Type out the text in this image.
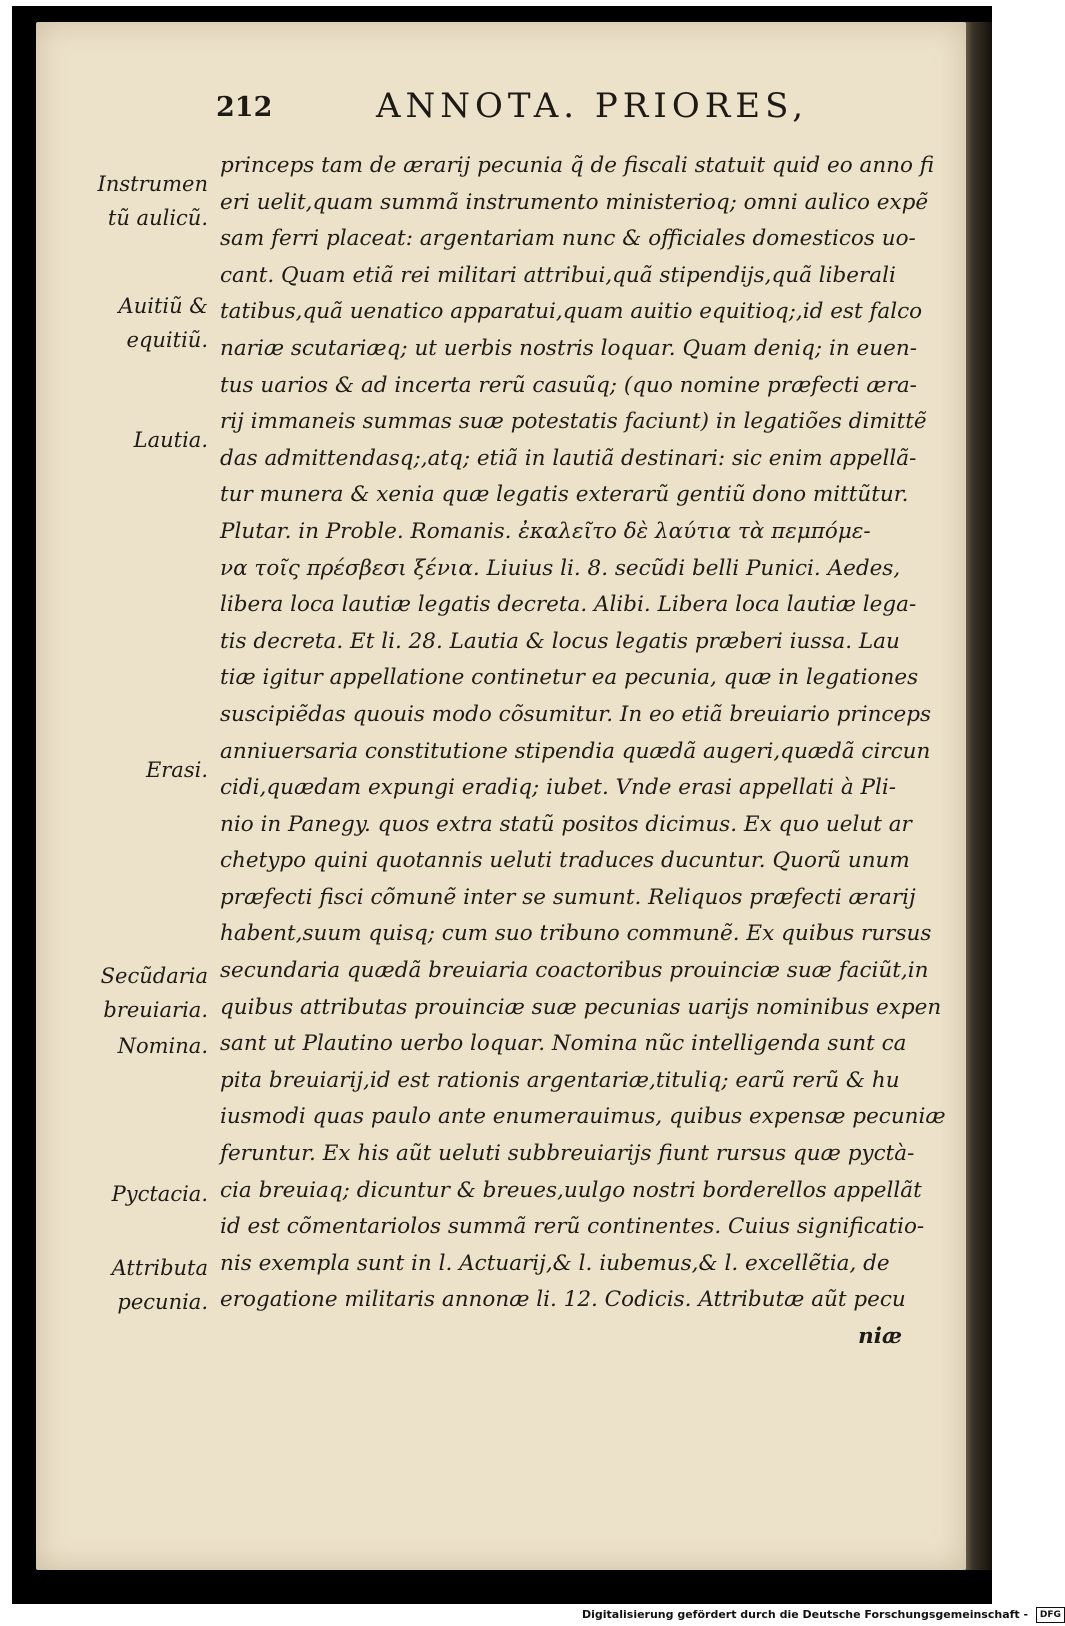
212	ANNOTA. PRIORES,
princeps tam de ærarij pecunia q̃ de fiscali statuit quid eo anno fi
eri uelit,quam summã instrumento ministerioq; omni aulico expẽ
sam ferri placeat: argentariam nunc & officiales domesticos uo-
cant. Quam etiã rei militari attribui,quã stipendijs,quã liberali
tatibus,quã uenatico apparatui,quam auitio equitioq;,id est falco
nariæ scutariæq; ut uerbis nostris loquar. Quam deniq; in euen-
tus uarios & ad incerta rerũ casuũq; (quo nomine præfecti æra-
rij immaneis summas suæ potestatis faciunt) in legatiões dimittẽ
das admittendasq;,atq; etiã in lautiã destinari: sic enim appellã-
tur munera & xenia quæ legatis exterarũ gentiũ dono mittũtur.
Plutar. in Proble. Romanis. ἐκαλεῖτο δὲ λαύτια τὰ πεμπόμε-
να τοῖς πρέσβεσι ξένια. Liuius li. 8. secũdi belli Punici. Aedes,
libera loca lautiæ legatis decreta. Alibi. Libera loca lautiæ lega-
tis decreta. Et li. 28. Lautia & locus legatis præberi iussa. Lau
tiæ igitur appellatione continetur ea pecunia, quæ in legationes
suscipiẽdas quouis modo cõsumitur. In eo etiã breuiario princeps
anniuersaria constitutione stipendia quædã augeri,quædã circun
cidi,quædam expungi eradiq; iubet. Vnde erasi appellati à Pli-
nio in Panegy. quos extra statũ positos dicimus. Ex quo uelut ar
chetypo quini quotannis ueluti traduces ducuntur. Quorũ unum
præfecti fisci cõmunẽ inter se sumunt. Reliquos præfecti ærarij
habent,suum quisq; cum suo tribuno communẽ. Ex quibus rursus
secundaria quædã breuiaria coactoribus prouinciæ suæ faciũt,in
quibus attributas prouinciæ suæ pecunias uarijs nominibus expen
sant ut Plautino uerbo loquar. Nomina nũc intelligenda sunt ca
pita breuiarij,id est rationis argentariæ,tituliq; earũ rerũ & hu
iusmodi quas paulo ante enumerauimus, quibus expensæ pecuniæ
feruntur. Ex his aũt ueluti subbreuiarijs fiunt rursus quæ pyctà-
cia breuiaq; dicuntur & breues,uulgo nostri borderellos appellãt
id est cõmentariolos summã rerũ continentes. Cuius significatio-
nis exempla sunt in l. Actuarij,& l. iubemus,& l. excellẽtia, de
erogatione militaris annonæ li. 12. Codicis. Attributæ aũt pecu
niæ
Instrumen
tũ aulicũ.
Auitiũ &
equitiũ.
Lautia.
Erasi.
Secũdaria
breuiaria.
Nomina.
Pyctacia.
Attributa
pecunia.
Digitalisierung gefördert durch die Deutsche Forschungsgemeinschaft - DFG
